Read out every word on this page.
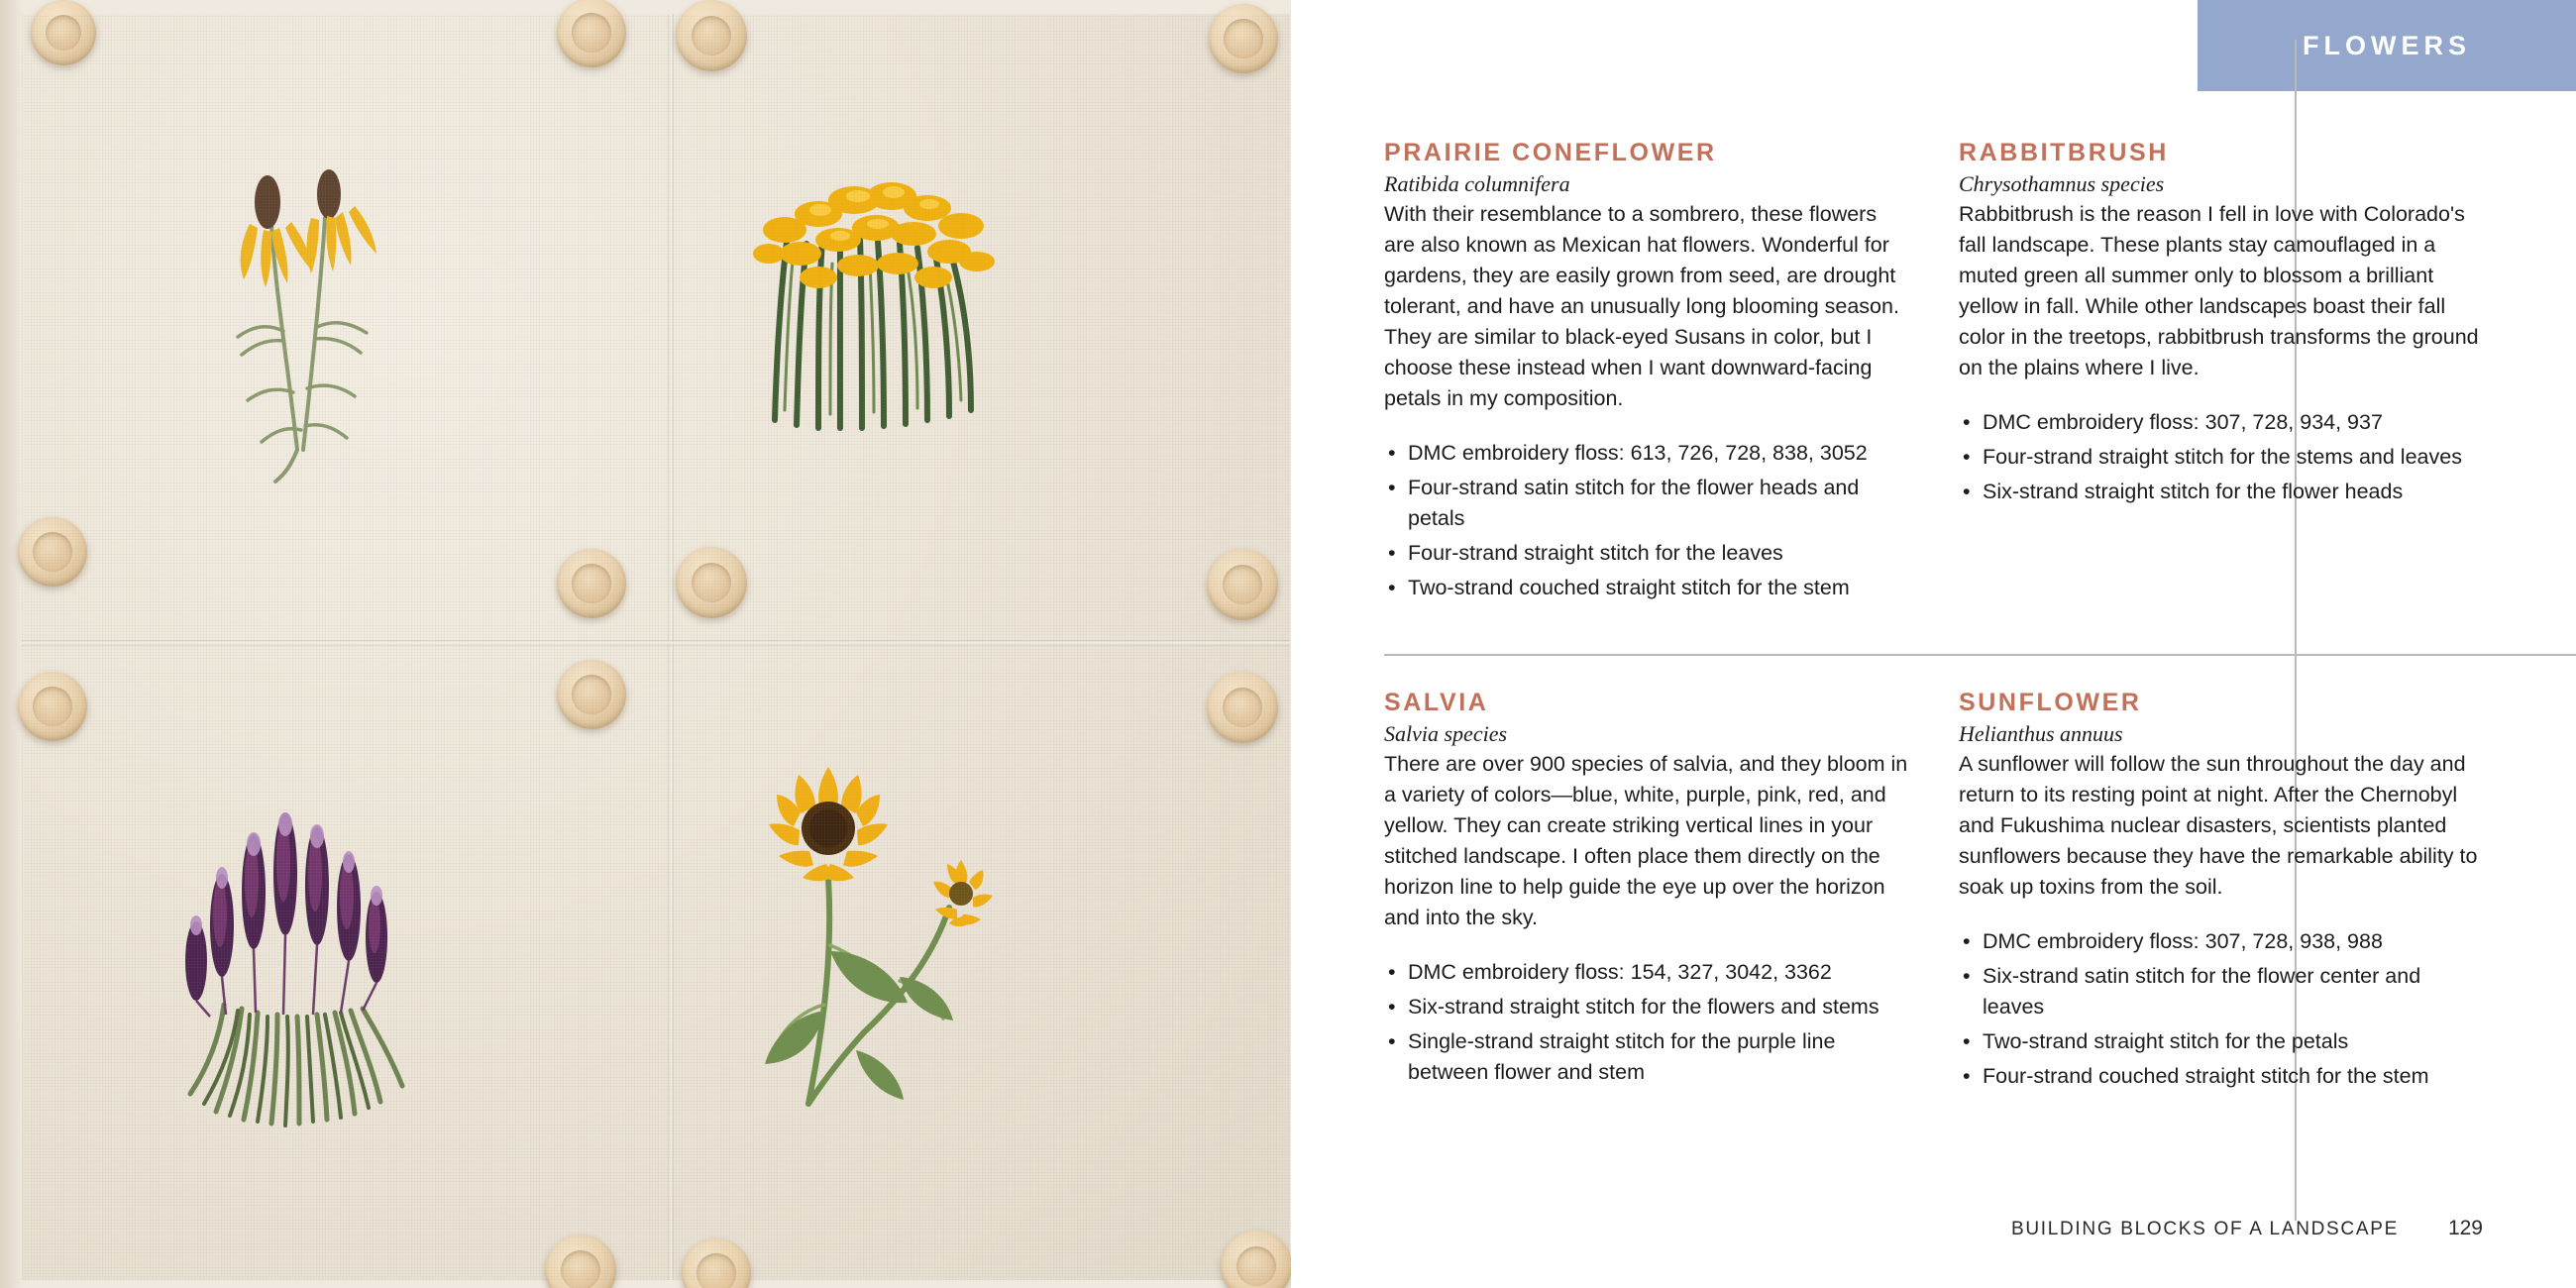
FLOWERS
PRAIRIE CONEFLOWER

Ratibida columnifera

With their resemblance to a sombrero, these flowers are also known as Mexican hat flowers. Wonderful for gardens, they are easily grown from seed, are drought tolerant, and have an unusually long blooming season. They are similar to black-eyed Susans in color, but I choose these instead when I want downward-facing petals in my composition.

• DMC embroidery floss: 613, 726, 728, 838, 3052
• Four-strand satin stitch for the flower heads and petals
• Four-strand straight stitch for the leaves
• Two-strand couched straight stitch for the stem
RABBITBRUSH

Chrysothamnus species

Rabbitbrush is the reason I fell in love with Colorado's fall landscape. These plants stay camouflaged in a muted green all summer only to blossom a brilliant yellow in fall. While other landscapes boast their fall color in the treetops, rabbitbrush transforms the ground on the plains where I live.

• DMC embroidery floss: 307, 728, 934, 937
• Four-strand straight stitch for the stems and leaves
• Six-strand straight stitch for the flower heads
SALVIA

Salvia species

There are over 900 species of salvia, and they bloom in a variety of colors—blue, white, purple, pink, red, and yellow. They can create striking vertical lines in your stitched landscape. I often place them directly on the horizon line to help guide the eye up over the horizon and into the sky.

• DMC embroidery floss: 154, 327, 3042, 3362
• Six-strand straight stitch for the flowers and stems
• Single-strand straight stitch for the purple line between flower and stem
SUNFLOWER

Helianthus annuus

A sunflower will follow the sun throughout the day and return to its resting point at night. After the Chernobyl and Fukushima nuclear disasters, scientists planted sunflowers because they have the remarkable ability to soak up toxins from the soil.

• DMC embroidery floss: 307, 728, 938, 988
• Six-strand satin stitch for the flower center and leaves
• Two-strand straight stitch for the petals
• Four-strand couched straight stitch for the stem
BUILDING BLOCKS OF A LANDSCAPE 129
